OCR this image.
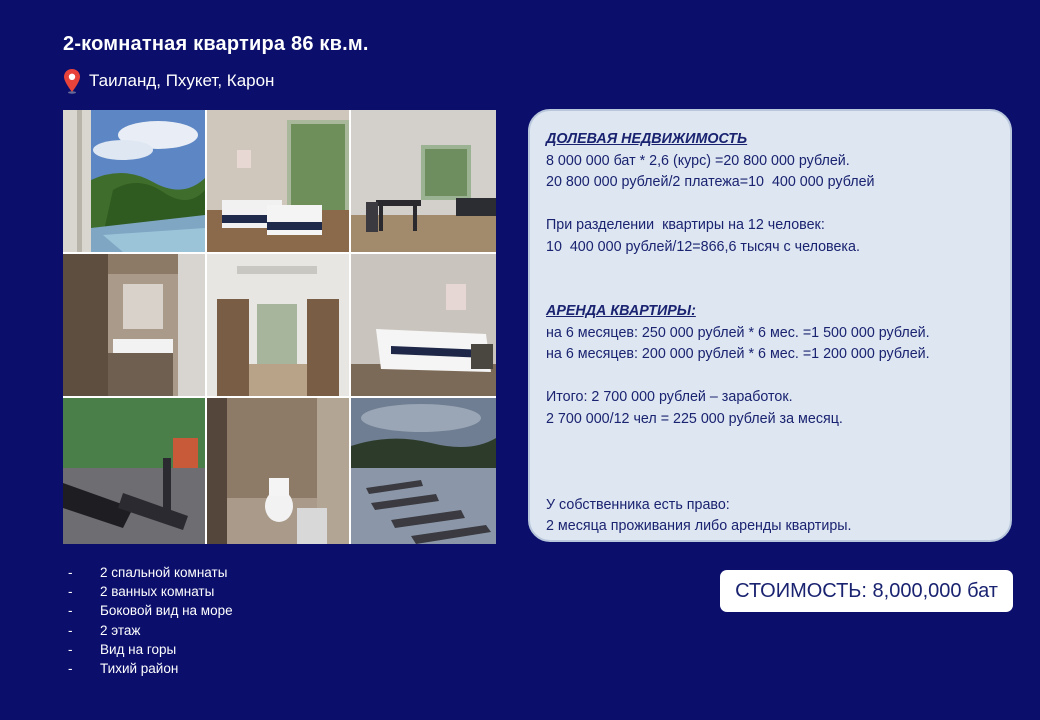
2-комнатная квартира 86 кв.м.
Таиланд, Пхукет, Карон
ДОЛЕВАЯ НЕДВИЖИМОСТЬ
8 000 000 бат * 2,6 (курс) =20 800 000 рублей.
20 800 000 рублей/2 платежа=10  400 000 рублей
При разделении  квартиры на 12 человек:
10  400 000 рублей/12=866,6 тысяч с человека.
АРЕНДА КВАРТИРЫ:
на 6 месяцев: 250 000 рублей * 6 мес. =1 500 000 рублей.
на 6 месяцев: 200 000 рублей * 6 мес. =1 200 000 рублей.
Итого: 2 700 000 рублей – заработок.
2 700 000/12 чел = 225 000 рублей за месяц.
У собственника есть право:
2 месяца проживания либо аренды квартиры.
-	2 спальной комнаты
-	2 ванных комнаты
-	Боковой вид на море
-	2 этаж
-	Вид на горы
-	Тихий район
СТОИМОСТЬ: 8,000,000 бат
